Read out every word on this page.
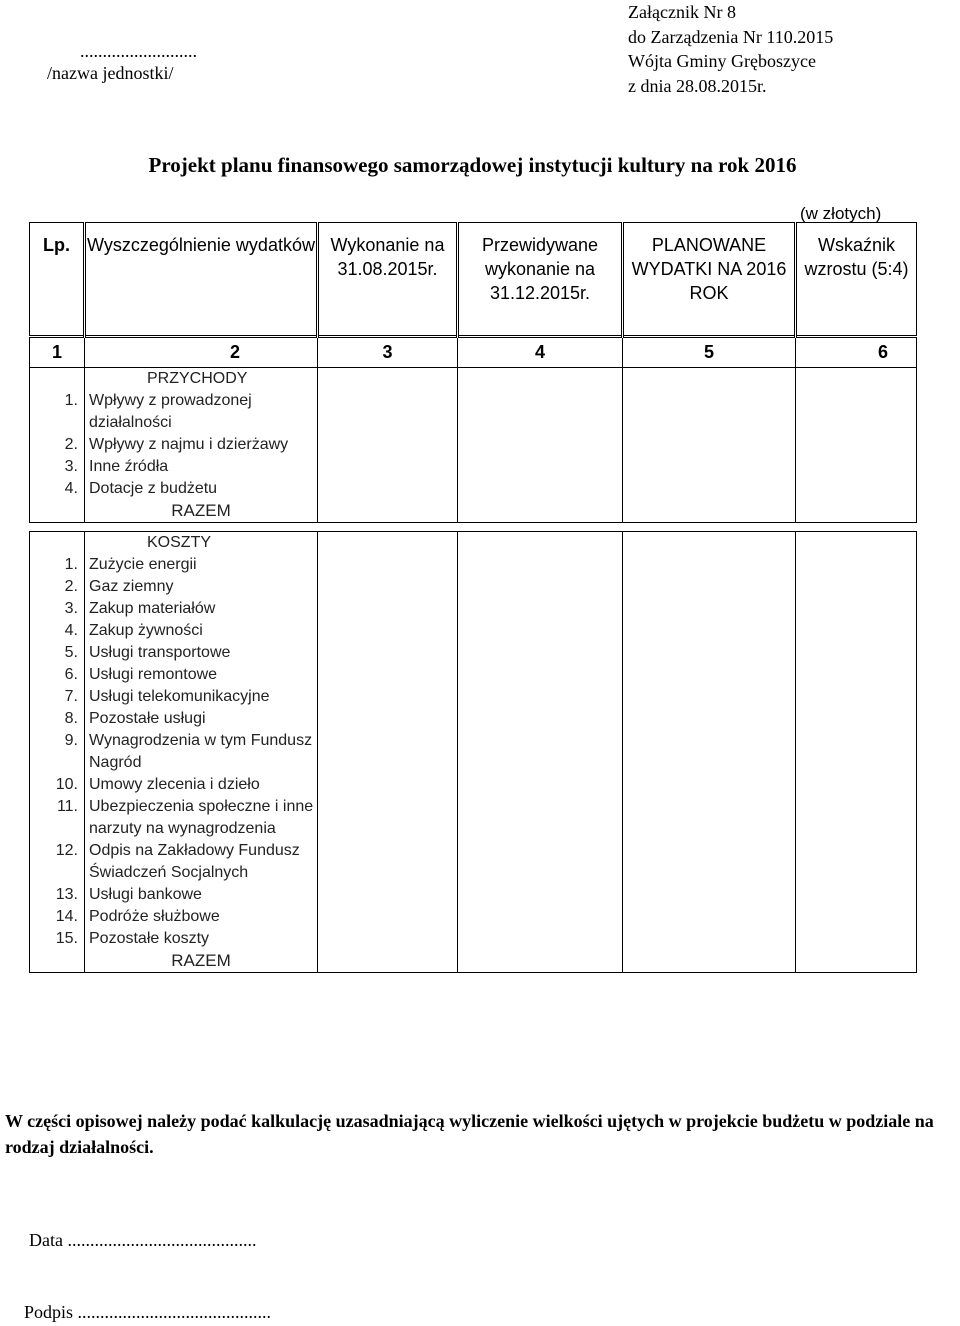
..........................
/nazwa jednostki/
Załącznik Nr 8
do Zarządzenia Nr 110.2015
Wójta Gminy Gręboszyce
z dnia 28.08.2015r.
Projekt planu finansowego samorządowej instytucji kultury na rok 2016
(w złotych)
Lp.	Wyszczególnienie wydatków	Wykonanie na 31.08.2015r.	Przewidywane wykonanie na 31.12.2015r.	PLANOWANE WYDATKI NA 2016 ROK	Wskaźnik wzrostu (5:4)

1	2	3	4	5	6
	PRZYCHODY				
1.	Wpływy z prowadzonej działalności				
2.	Wpływy z najmu i dzierżawy				
3.	Inne źródła				
4.	Dotacje z budżetu				
	RAZEM				

	KOSZTY				
1.	Zużycie energii				
2.	Gaz ziemny				
3.	Zakup materiałów				
4.	Zakup żywności				
5.	Usługi transportowe				
6.	Usługi remontowe				
7.	Usługi telekomunikacyjne				
8.	Pozostałe usługi				
9.	Wynagrodzenia w tym Fundusz Nagród				
10.	Umowy zlecenia i dzieło				
11.	Ubezpieczenia społeczne i inne narzuty na wynagrodzenia				
12.	Odpis na Zakładowy Fundusz Świadczeń Socjalnych				
13.	Usługi bankowe				
14.	Podróże służbowe				
15.	Pozostałe koszty				
	RAZEM				
W części opisowej należy podać kalkulację uzasadniającą wyliczenie wielkości ujętych w projekcie budżetu w podziale na rodzaj działalności.
Data ..........................................
Podpis ...........................................
